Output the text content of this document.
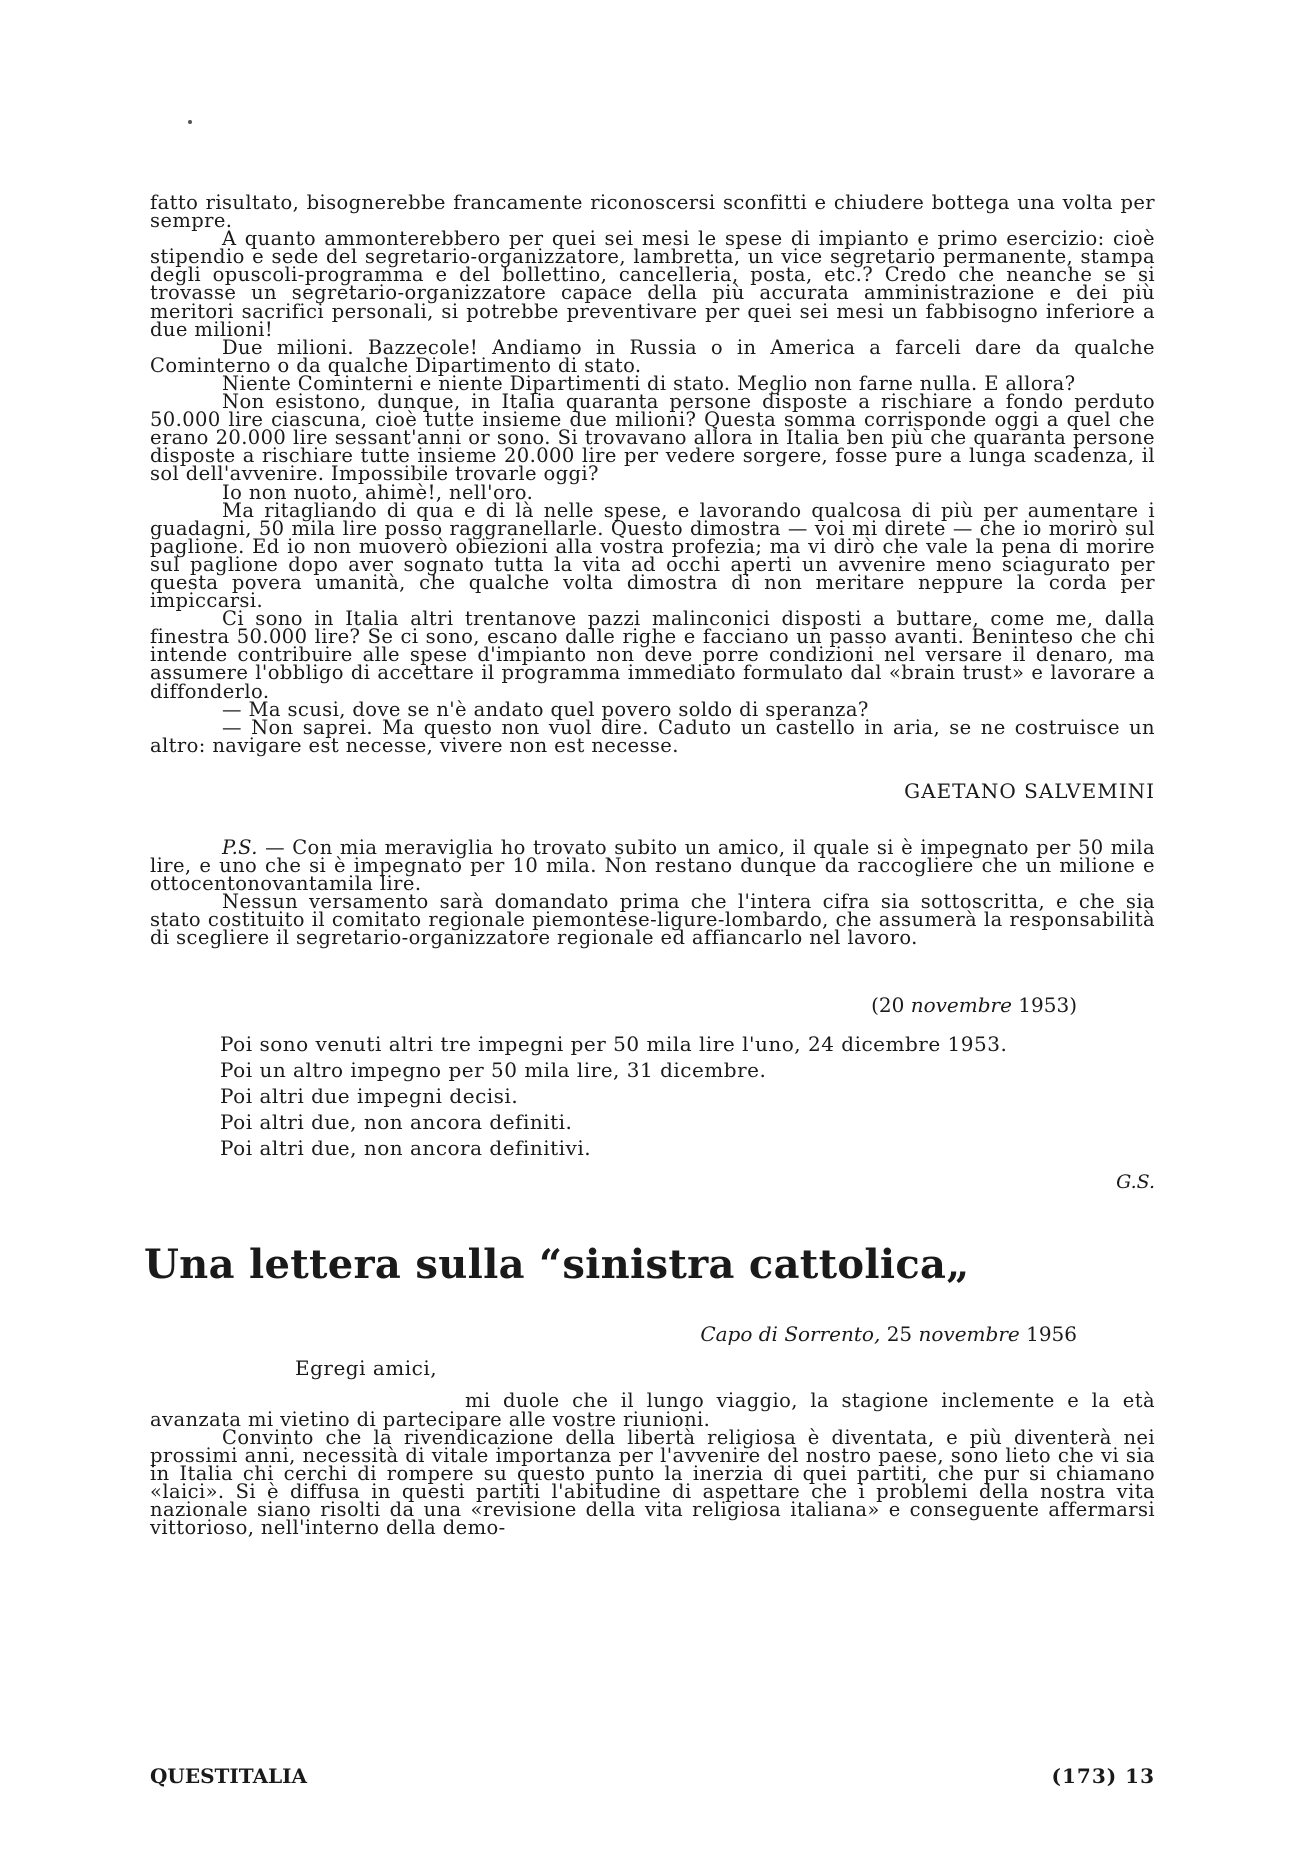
fatto risultato, bisognerebbe francamente riconoscersi sconfitti e chiudere bottega una volta per sempre.

A quanto ammonterebbero per quei sei mesi le spese di impianto e primo esercizio: cioè stipendio e sede del segretario-organizzatore, lambretta, un vice segretario permanente, stampa degli opuscoli-programma e del bollettino, cancelleria, posta, etc.? Credo che neanche se si trovasse un segretario-organizzatore capace della più accurata amministrazione e dei più meritori sacrifici personali, si potrebbe preventivare per quei sei mesi un fabbisogno inferiore a due milioni!

Due milioni. Bazzecole! Andiamo in Russia o in America a farceli dare da qualche Cominterno o da qualche Dipartimento di stato.

Niente Cominterni e niente Dipartimenti di stato. Meglio non farne nulla. E allora?

Non esistono, dunque, in Italia quaranta persone disposte a rischiare a fondo perduto 50.000 lire ciascuna, cioè tutte insieme due milioni? Questa somma corrisponde oggi a quel che erano 20.000 lire sessant'anni or sono. Si trovavano allora in Italia ben più che quaranta persone disposte a rischiare tutte insieme 20.000 lire per vedere sorgere, fosse pure a lunga scadenza, il sol dell'avvenire. Impossibile trovarle oggi?

Io non nuoto, ahimè!, nell'oro.

Ma ritagliando di qua e di là nelle spese, e lavorando qualcosa di più per aumentare i guadagni, 50 mila lire posso raggranellarle. Questo dimostra — voi mi direte — che io morirò sul paglione. Ed io non muoverò obiezioni alla vostra profezia; ma vi dirò che vale la pena di morire sul paglione dopo aver sognato tutta la vita ad occhi aperti un avvenire meno sciagurato per questa povera umanità, che qualche volta dimostra di non meritare neppure la corda per impiccarsi.

Ci sono in Italia altri trentanove pazzi malinconici disposti a buttare, come me, dalla finestra 50.000 lire? Se ci sono, escano dalle righe e facciano un passo avanti. Beninteso che chi intende contribuire alle spese d'impianto non deve porre condizioni nel versare il denaro, ma assumere l'obbligo di accettare il programma immediato formulato dal «brain trust» e lavorare a diffonderlo.

— Ma scusi, dove se n'è andato quel povero soldo di speranza?

— Non saprei. Ma questo non vuol dire. Caduto un castello in aria, se ne costruisce un altro: navigare est necesse, vivere non est necesse.

GAETANO SALVEMINI

P.S. — Con mia meraviglia ho trovato subito un amico, il quale si è impegnato per 50 mila lire, e uno che si è impegnato per 10 mila. Non restano dunque da raccogliere che un milione e ottocentonovantamila lire.

Nessun versamento sarà domandato prima che l'intera cifra sia sottoscritta, e che sia stato costituito il comitato regionale piemontese-ligure-lombardo, che assumerà la responsabilità di scegliere il segretario-organizzatore regionale ed affiancarlo nel lavoro.

(20 novembre 1953)

Poi sono venuti altri tre impegni per 50 mila lire l'uno, 24 dicembre 1953.
Poi un altro impegno per 50 mila lire, 31 dicembre.
Poi altri due impegni decisi.
Poi altri due, non ancora definiti.
Poi altri due, non ancora definitivi.

G.S.

Una lettera sulla “sinistra cattolica„

Capo di Sorrento, 25 novembre 1956

Egregi amici,

mi duole che il lungo viaggio, la stagione inclemente e la età avanzata mi vietino di partecipare alle vostre riunioni.

Convinto che la rivendicazione della libertà religiosa è diventata, e più diventerà nei prossimi anni, necessità di vitale importanza per l'avvenire del nostro paese, sono lieto che vi sia in Italia chi cerchi di rompere su questo punto la inerzia di quei partiti, che pur si chiamano «laici». Si è diffusa in questi partiti l'abitudine di aspettare che i problemi della nostra vita nazionale siano risolti da una «revisione della vita religiosa italiana» e conseguente affermarsi vittorioso, nell'interno della demo-

QUESTITALIA	(173) 13
